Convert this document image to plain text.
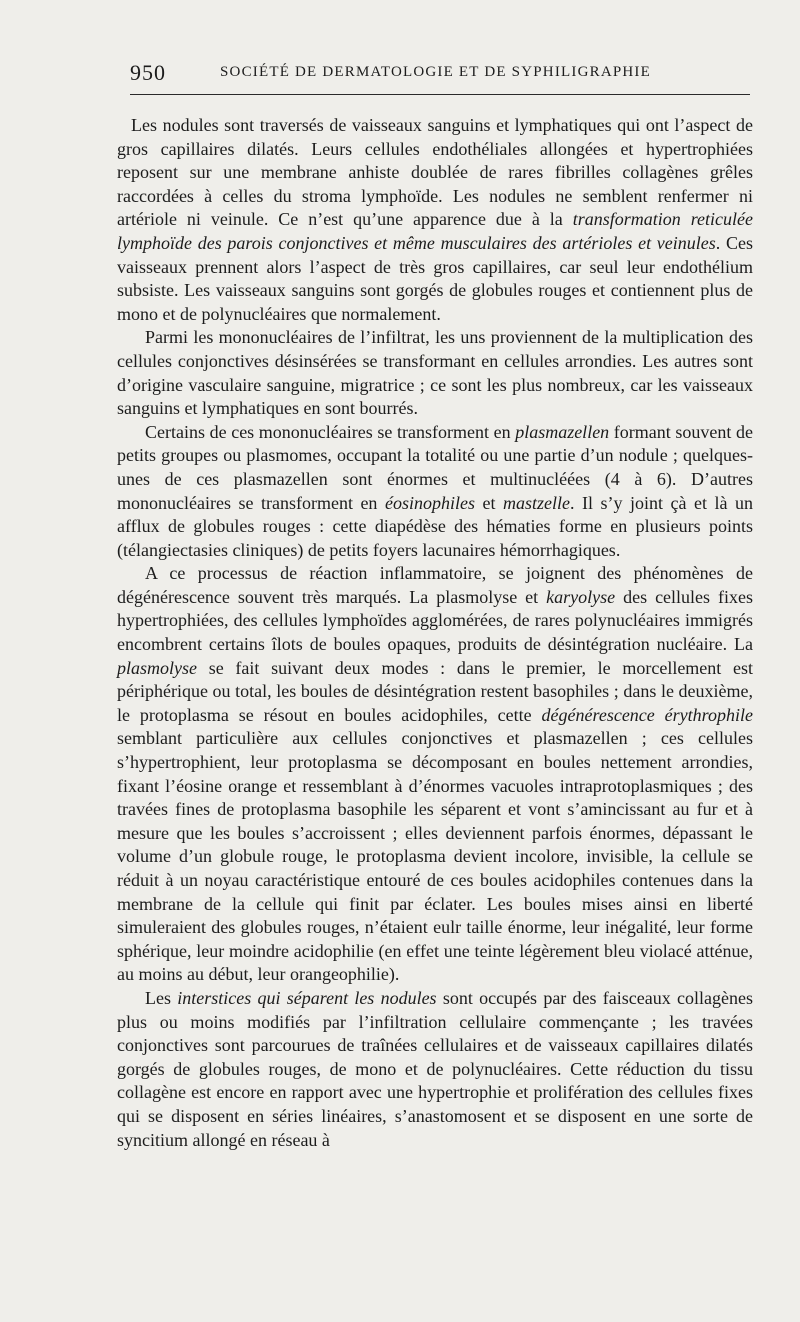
950	SOCIÉTÉ DE DERMATOLOGIE ET DE SYPHILIGRAPHIE

Les nodules sont traversés de vaisseaux sanguins et lymphatiques qui ont l’aspect de gros capillaires dilatés. Leurs cellules endothéliales allongées et hypertrophiées reposent sur une membrane anhiste doublée de rares fibrilles collagènes grêles raccordées à celles du stroma lymphoïde. Les nodules ne semblent renfermer ni artériole ni veinule. Ce n’est qu’une apparence due à la transformation reticulée lymphoïde des parois conjonctives et même musculaires des artérioles et veinules. Ces vaisseaux prennent alors l’aspect de très gros capillaires, car seul leur endothélium subsiste. Les vaisseaux sanguins sont gorgés de globules rouges et contiennent plus de mono et de polynucléaires que normalement.

Parmi les mononucléaires de l’infiltrat, les uns proviennent de la multiplication des cellules conjonctives désinsérées se transformant en cellules arrondies. Les autres sont d’origine vasculaire sanguine, migratrice ; ce sont les plus nombreux, car les vaisseaux sanguins et lymphatiques en sont bourrés.

Certains de ces mononucléaires se transforment en plasmazellen formant souvent de petits groupes ou plasmomes, occupant la totalité ou une partie d’un nodule ; quelques-unes de ces plasmazellen sont énormes et multinucléées (4 à 6). D’autres mononucléaires se transforment en éosinophiles et mastzelle. Il s’y joint çà et là un afflux de globules rouges : cette diapédèse des hématies forme en plusieurs points (télangiectasies cliniques) de petits foyers lacunaires hémorrhagiques.

A ce processus de réaction inflammatoire, se joignent des phénomènes de dégénérescence souvent très marqués. La plasmolyse et karyolyse des cellules fixes hypertrophiées, des cellules lymphoïdes agglomérées, de rares polynucléaires immigrés encombrent certains îlots de boules opaques, produits de désintégration nucléaire. La plasmolyse se fait suivant deux modes : dans le premier, le morcellement est périphérique ou total, les boules de désintégration restent basophiles ; dans le deuxième, le protoplasma se résout en boules acidophiles, cette dégénérescence érythrophile semblant particulière aux cellules conjonctives et plasmazellen ; ces cellules s’hypertrophient, leur protoplasma se décomposant en boules nettement arrondies, fixant l’éosine orange et ressemblant à d’énormes vacuoles intraprotoplasmiques ; des travées fines de protoplasma basophile les séparent et vont s’amincissant au fur et à mesure que les boules s’accroissent ; elles deviennent parfois énormes, dépassant le volume d’un globule rouge, le protoplasma devient incolore, invisible, la cellule se réduit à un noyau caractéristique entouré de ces boules acidophiles contenues dans la membrane de la cellule qui finit par éclater. Les boules mises ainsi en liberté simuleraient des globules rouges, n’étaient eulr taille énorme, leur inégalité, leur forme sphérique, leur moindre acidophilie (en effet une teinte légèrement bleu violacé atténue, au moins au début, leur orangeophilie).

Les interstices qui séparent les nodules sont occupés par des faisceaux collagènes plus ou moins modifiés par l’infiltration cellulaire commençante ; les travées conjonctives sont parcourues de traînées cellulaires et de vaisseaux capillaires dilatés gorgés de globules rouges, de mono et de polynucléaires. Cette réduction du tissu collagène est encore en rapport avec une hypertrophie et prolifération des cellules fixes qui se disposent en séries linéaires, s’anastomosent et se disposent en une sorte de syncitium allongé en réseau à
